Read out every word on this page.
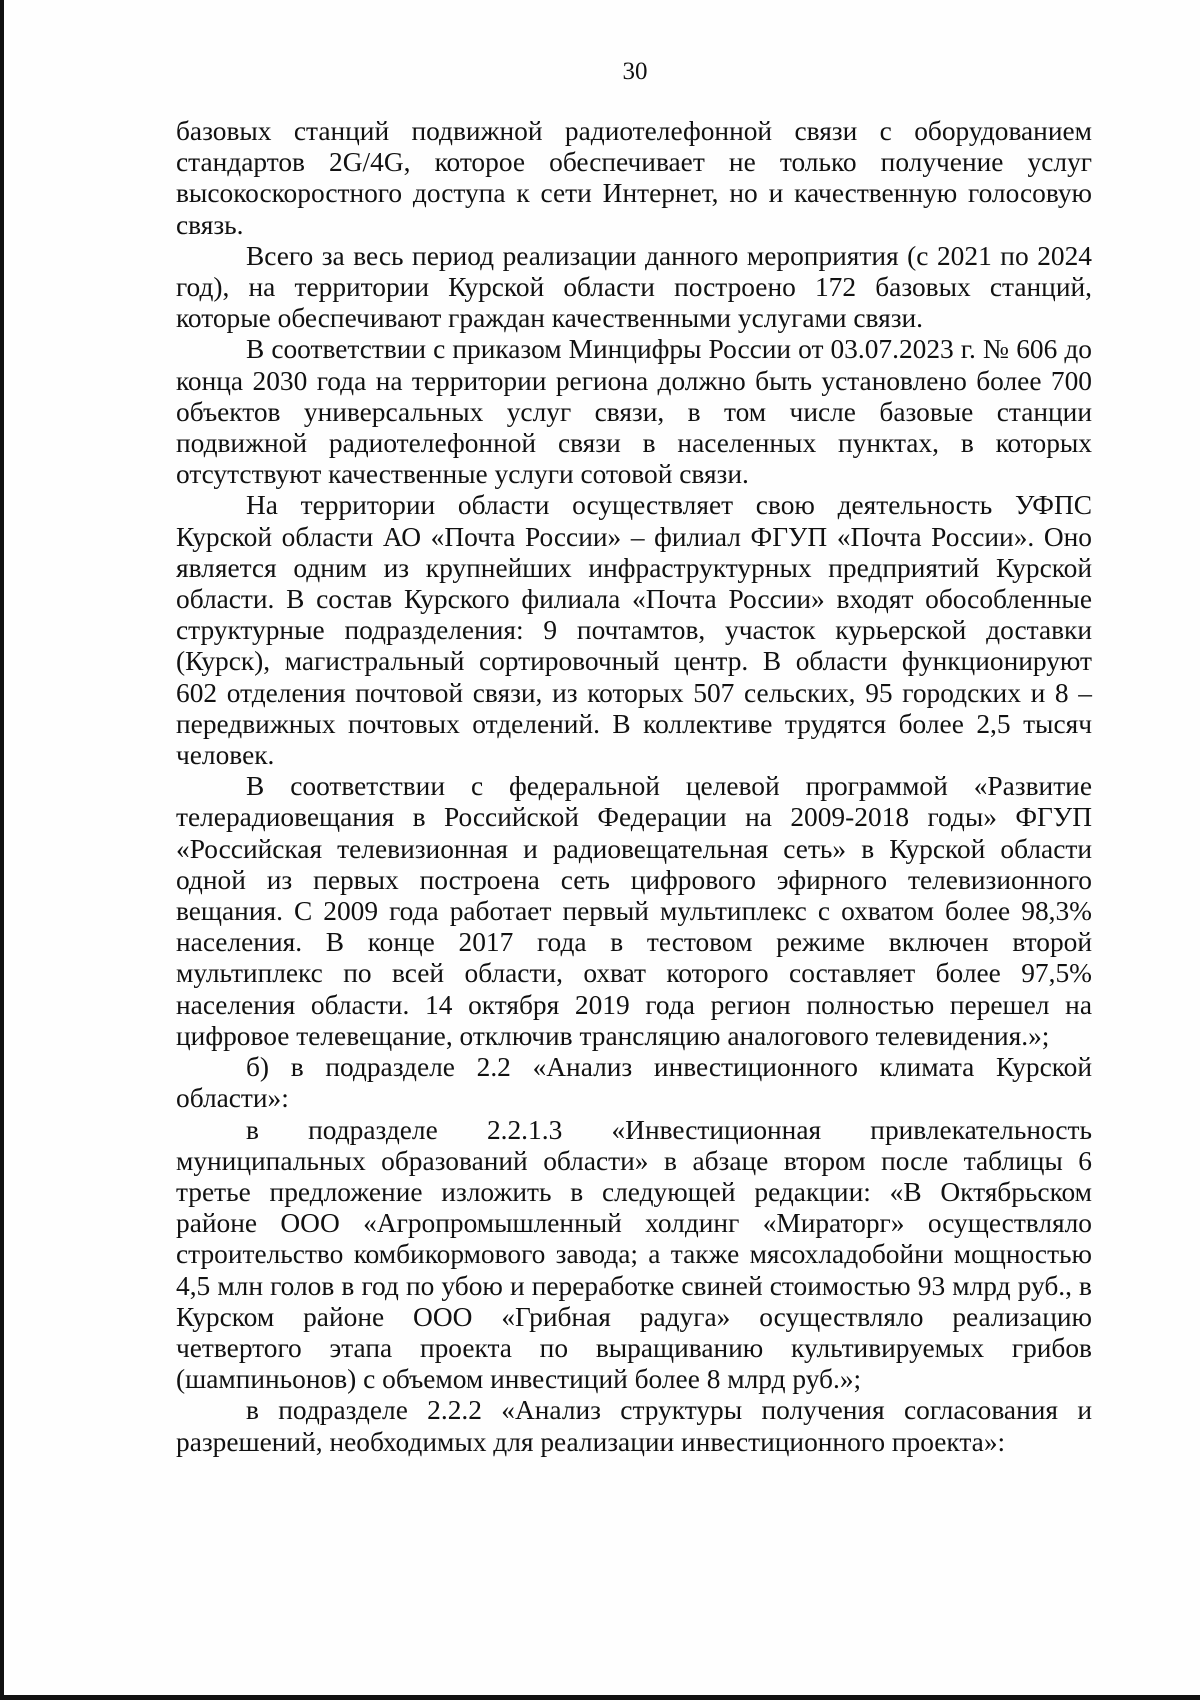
30

базовых станций подвижной радиотелефонной связи с оборудованием стандартов 2G/4G, которое обеспечивает не только получение услуг высокоскоростного доступа к сети Интернет, но и качественную голосовую связь.

Всего за весь период реализации данного мероприятия (с 2021 по 2024 год), на территории Курской области построено 172 базовых станций, которые обеспечивают граждан качественными услугами связи.

В соответствии с приказом Минцифры России от 03.07.2023 г. № 606 до конца 2030 года на территории региона должно быть установлено более 700 объектов универсальных услуг связи, в том числе базовые станции подвижной радиотелефонной связи в населенных пунктах, в которых отсутствуют качественные услуги сотовой связи.

На территории области осуществляет свою деятельность УФПС Курской области АО «Почта России» – филиал ФГУП «Почта России». Оно является одним из крупнейших инфраструктурных предприятий Курской области. В состав Курского филиала «Почта России» входят обособленные структурные подразделения: 9 почтамтов, участок курьерской доставки (Курск), магистральный сортировочный центр. В области функционируют 602 отделения почтовой связи, из которых 507 сельских, 95 городских и 8 – передвижных почтовых отделений. В коллективе трудятся более 2,5 тысяч человек.

В соответствии с федеральной целевой программой «Развитие телерадиовещания в Российской Федерации на 2009-2018 годы» ФГУП «Российская телевизионная и радиовещательная сеть» в Курской области одной из первых построена сеть цифрового эфирного телевизионного вещания. С 2009 года работает первый мультиплекс с охватом более 98,3% населения. В конце 2017 года в тестовом режиме включен второй мультиплекс по всей области, охват которого составляет более 97,5% населения области. 14 октября 2019 года регион полностью перешел на цифровое телевещание, отключив трансляцию аналогового телевидения.»;

б) в подразделе 2.2 «Анализ инвестиционного климата Курской области»:

в подразделе 2.2.1.3 «Инвестиционная привлекательность муниципальных образований области» в абзаце втором после таблицы 6 третье предложение изложить в следующей редакции: «В Октябрьском районе ООО «Агропромышленный холдинг «Мираторг» осуществляло строительство комбикормового завода; а также мясохладобойни мощностью 4,5 млн голов в год по убою и переработке свиней стоимостью 93 млрд руб., в Курском районе ООО «Грибная радуга» осуществляло реализацию четвертого этапа проекта по выращиванию культивируемых грибов (шампиньонов) с объемом инвестиций более 8 млрд руб.»;

в подразделе 2.2.2 «Анализ структуры получения согласования и разрешений, необходимых для реализации инвестиционного проекта»:
